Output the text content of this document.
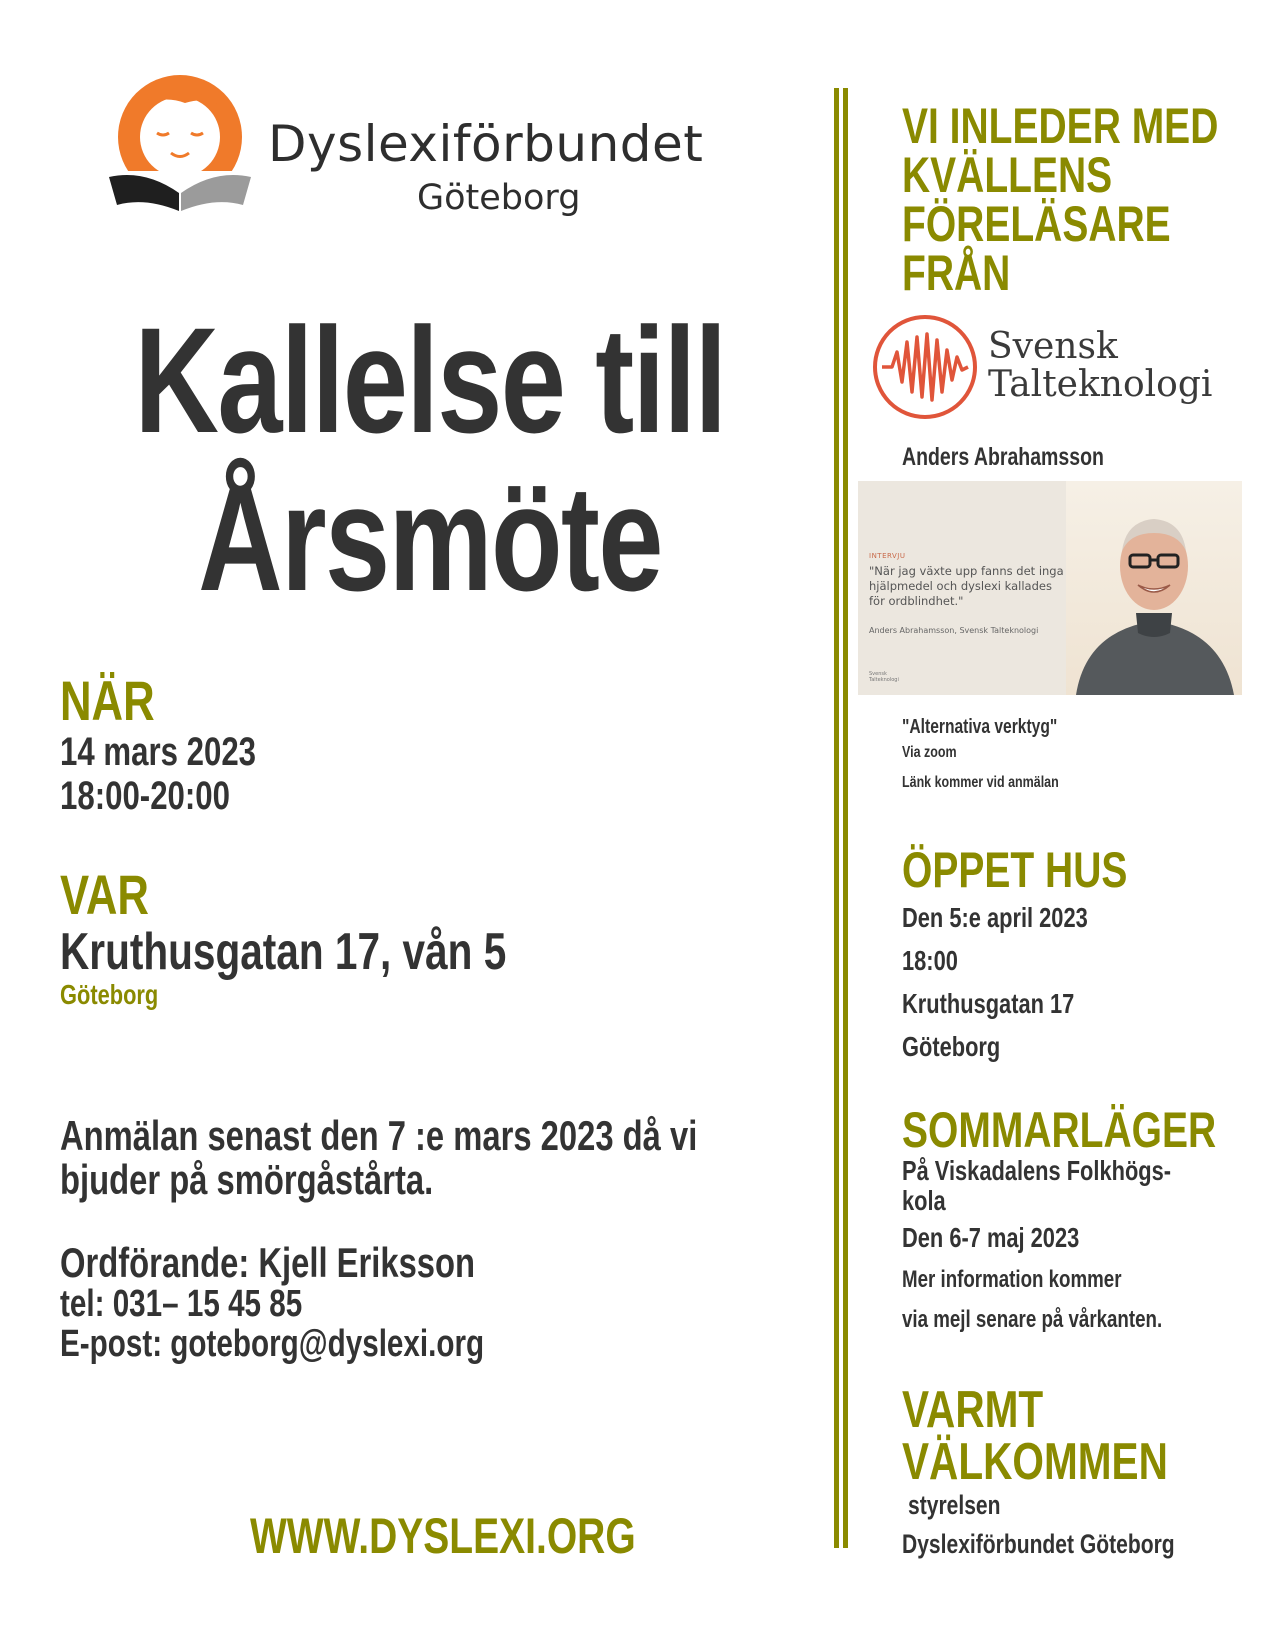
Dyslexiförbundet
Göteborg
Kallelse till
Årsmöte
NÄR
14 mars 2023
18:00-20:00
VAR
Kruthusgatan 17, vån 5
Göteborg
Anmälan senast den 7 :e mars 2023 då vi
bjuder på smörgåstårta.
Ordförande: Kjell Eriksson
tel: 031– 15 45 85
E-post: goteborg@dyslexi.org
WWW.DYSLEXI.ORG
VI INLEDER MED
KVÄLLENS
FÖRELÄSARE
FRÅN
Svensk
Talteknologi
Anders Abrahamsson
INTERVJU
"När jag växte upp fanns det inga hjälpmedel och dyslexi kallades för ordblindhet."
Anders Abrahamsson, Svensk Talteknologi
Svensk Talteknologi
"Alternativa verktyg"
Via zoom
Länk kommer vid anmälan
ÖPPET HUS
Den 5:e april 2023
18:00
Kruthusgatan 17
Göteborg
SOMMARLÄGER
På Viskadalens Folkhögs-
kola
Den 6-7 maj 2023
Mer information kommer
via mejl senare på vårkanten.
VARMT
VÄLKOMMEN
styrelsen
Dyslexiförbundet Göteborg
